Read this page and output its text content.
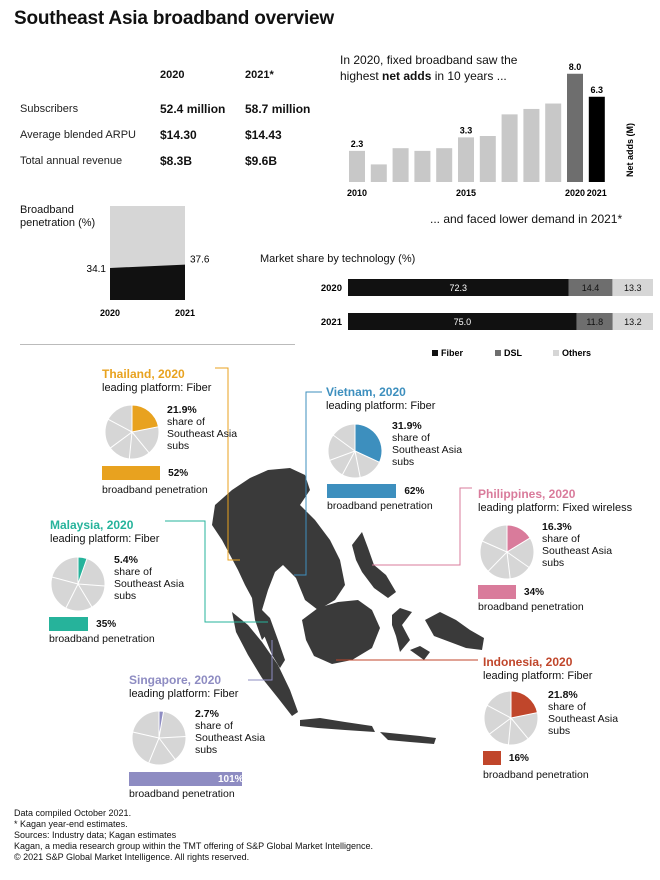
Southeast Asia broadband overview
2020	2021*
Subscribers	52.4 million 58.7 million
Average blended ARPU $14.30	$14.43
Total annual revenue	$8.3B	$9.6B
In 2020, fixed broadband saw the highest net adds in 10 years ...
2.3
2010
3.3
2015
8.0
2020
6.3
2021
Net adds (M)
... and faced lower demand in 2021*
Broadband penetration (%)
34.1
37.6
2020	2021
Market share by technology (%)
2020	72.3	14.4	13.3
2021	75.0	11.8 13.2
Fiber	DSL	Others
Thailand, 2020
leading platform: Fiber
21.9%
share of Southeast Asia subs
52%
broadband penetration
Vietnam, 2020
leading platform: Fiber
31.9%
share of Southeast Asia subs
62%
broadband penetration
Philippines, 2020
leading platform: Fixed wireless
16.3%
share of Southeast Asia subs
34%
broadband penetration
Malaysia, 2020
leading platform: Fiber
5.4%
share of Southeast Asia subs
35%
broadband penetration
Singapore, 2020
leading platform: Fiber
2.7%
share of Southeast Asia subs
101%
broadband penetration
Indonesia, 2020
leading platform: Fiber
21.8%
share of Southeast Asia subs
16%
broadband penetration
Data compiled October 2021.
* Kagan year-end estimates.
Sources: Industry data; Kagan estimates
Kagan, a media research group within the TMT offering of S&P Global Market Intelligence.
© 2021 S&P Global Market Intelligence. All rights reserved.
